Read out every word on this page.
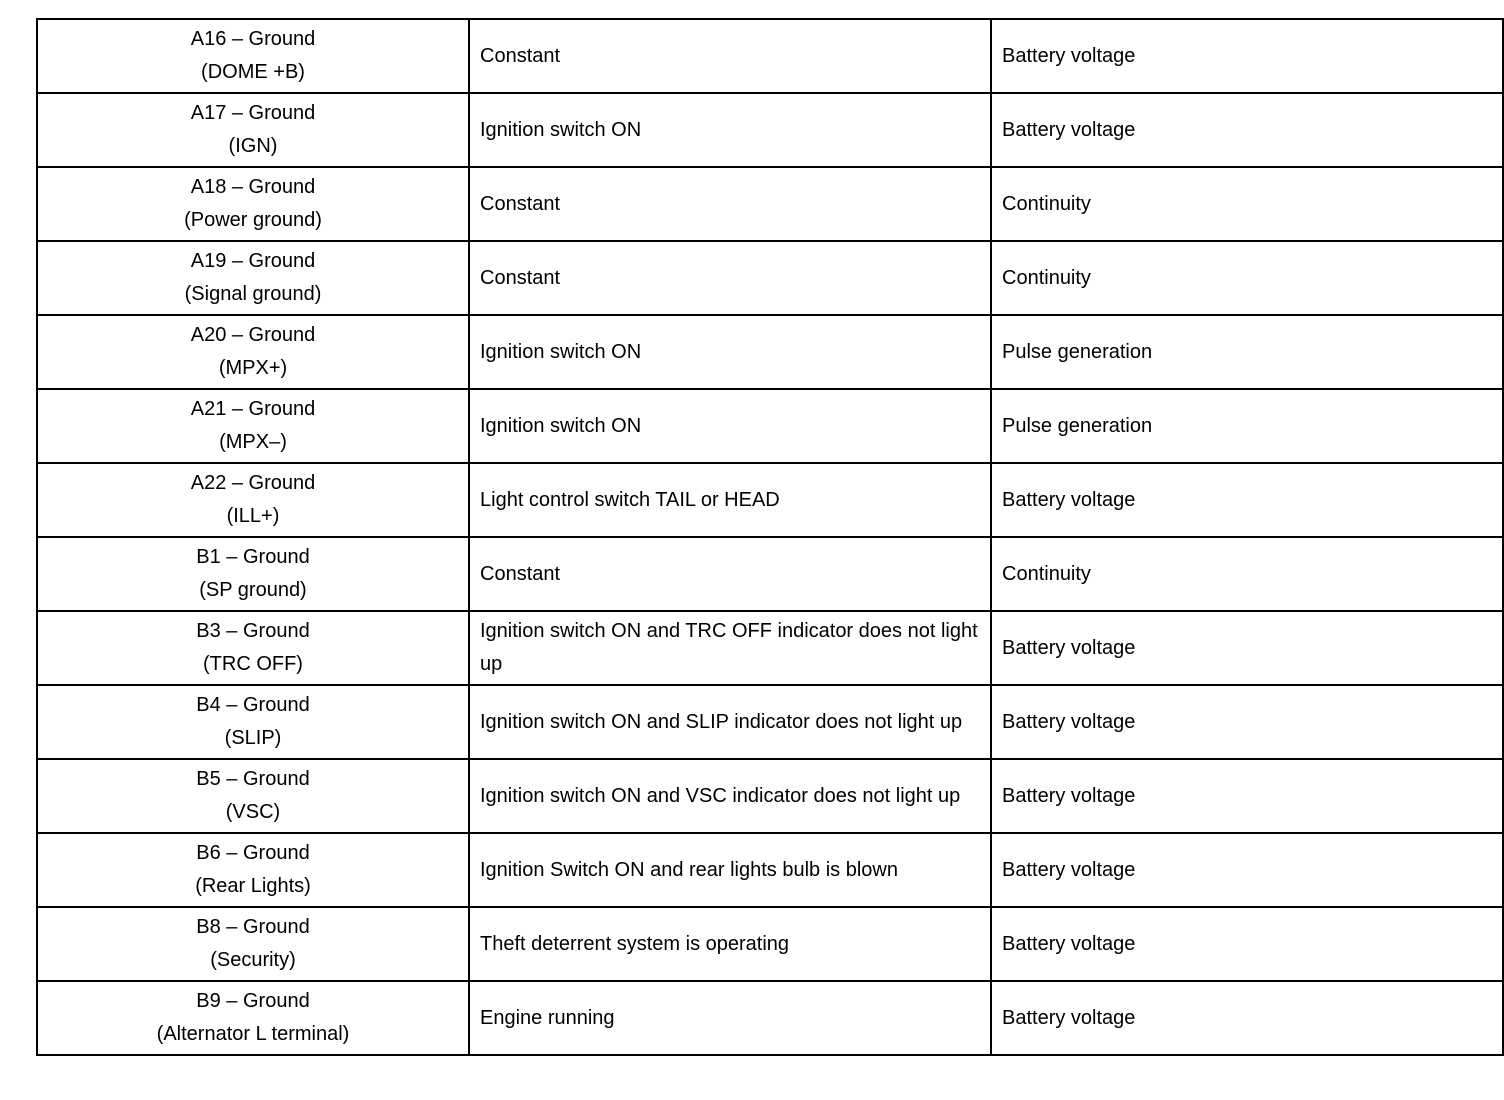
A16 – Ground
(DOME +B)	Constant	Battery voltage

A17 – Ground
(IGN)	Ignition switch ON	Battery voltage

A18 – Ground
(Power ground)	Constant	Continuity

A19 – Ground
(Signal ground)	Constant	Continuity

A20 – Ground
(MPX+)	Ignition switch ON	Pulse generation

A21 – Ground
(MPX–)	Ignition switch ON	Pulse generation

A22 – Ground
(ILL+)	Light control switch TAIL or HEAD	Battery voltage

B1 – Ground
(SP ground)	Constant	Continuity

B3 – Ground
(TRC OFF)	Ignition switch ON and TRC OFF indicator does not light up	Battery voltage

B4 – Ground
(SLIP)	Ignition switch ON and SLIP indicator does not light up	Battery voltage

B5 – Ground
(VSC)	Ignition switch ON and VSC indicator does not light up	Battery voltage

B6 – Ground
(Rear Lights)	Ignition Switch ON and rear lights bulb is blown	Battery voltage

B8 – Ground
(Security)	Theft deterrent system is operating	Battery voltage

B9 – Ground
(Alternator L terminal)	Engine running	Battery voltage
